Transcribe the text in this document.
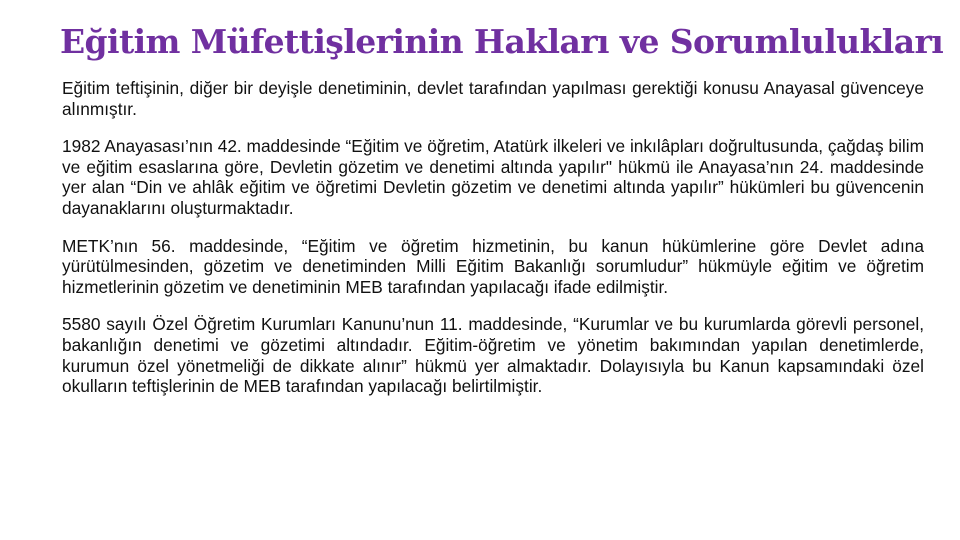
Eğitim Müfettişlerinin Hakları ve Sorumlulukları

Eğitim teftişinin, diğer bir deyişle denetiminin, devlet tarafından yapılması gerektiği konusu Anayasal güvenceye alınmıştır.

1982 Anayasası’nın 42. maddesinde “Eğitim ve öğretim, Atatürk ilkeleri ve inkılâpları doğrultusunda, çağdaş bilim ve eğitim esaslarına göre, Devletin gözetim ve denetimi altında yapılır" hükmü ile Anayasa’nın 24. maddesinde yer alan “Din ve ahlâk eğitim ve öğretimi Devletin gözetim ve denetimi altında yapılır” hükümleri bu güvencenin dayanaklarını oluşturmaktadır.

METK’nın 56. maddesinde, “Eğitim ve öğretim hizmetinin, bu kanun hükümlerine göre Devlet adına yürütülmesinden, gözetim ve denetiminden Milli Eğitim Bakanlığı sorumludur” hükmüyle eğitim ve öğretim hizmetlerinin gözetim ve denetiminin MEB tarafından yapılacağı ifade edilmiştir.

5580 sayılı Özel Öğretim Kurumları Kanunu’nun 11. maddesinde, “Kurumlar ve bu kurumlarda görevli personel, bakanlığın denetimi ve gözetimi altındadır. Eğitim-öğretim ve yönetim bakımından yapılan denetimlerde, kurumun özel yönetmeliği de dikkate alınır” hükmü yer almaktadır. Dolayısıyla bu Kanun kapsamındaki özel okulların teftişlerinin de MEB tarafından yapılacağı belirtilmiştir.
